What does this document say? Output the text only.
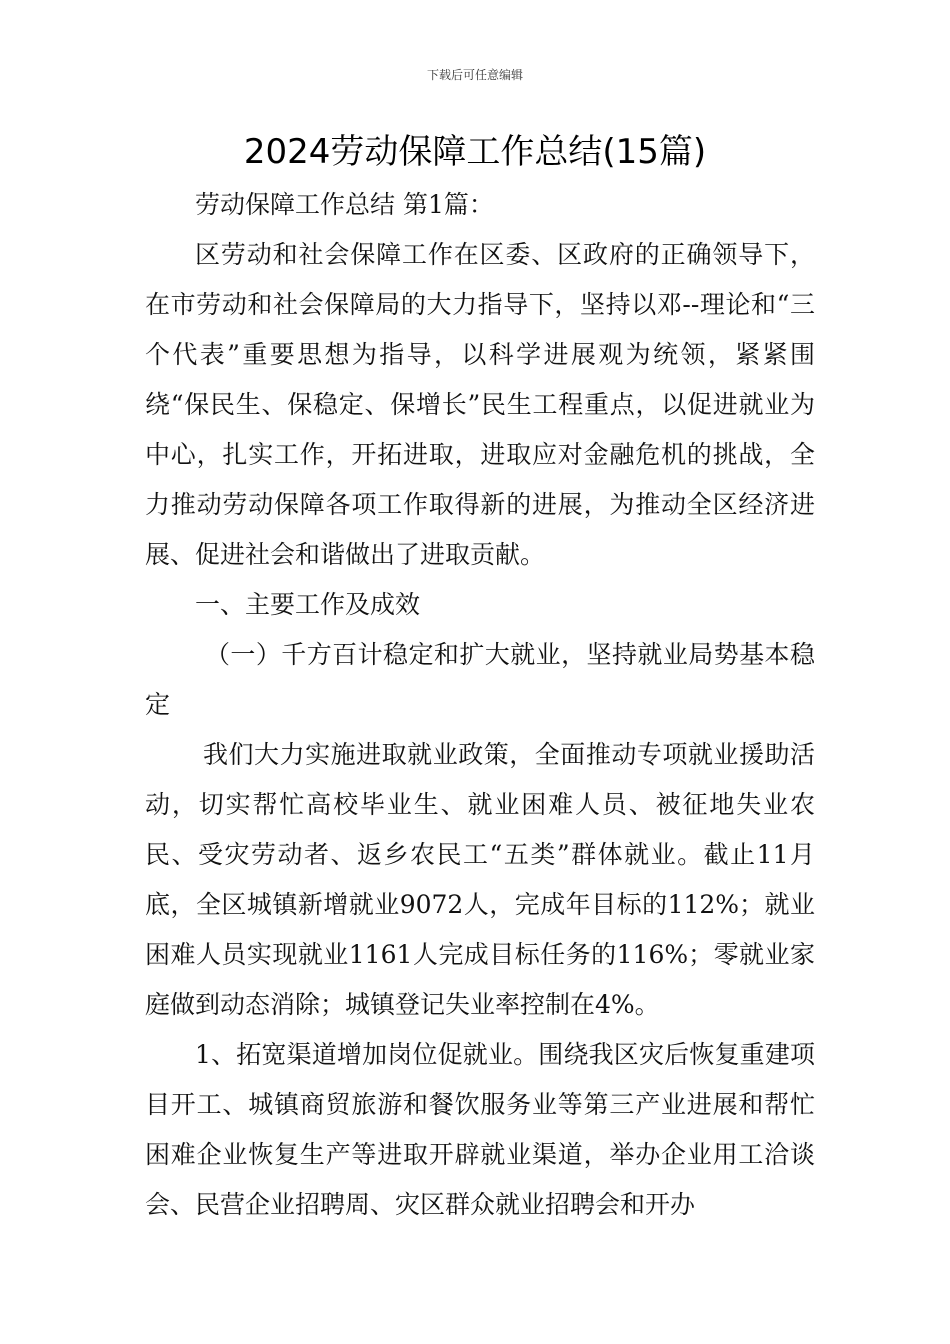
下载后可任意编辑
2024劳动保障工作总结(15篇)

劳动保障工作总结 第1篇：

区劳动和社会保障工作在区委、区政府的正确领导下，在市劳动和社会保障局的大力指导下，坚持以邓--理论和“三个代表”重要思想为指导，以科学进展观为统领，紧紧围绕“保民生、保稳定、保增长”民生工程重点，以促进就业为中心，扎实工作，开拓进取，进取应对金融危机的挑战，全力推动劳动保障各项工作取得新的进展，为推动全区经济进展、促进社会和谐做出了进取贡献。

一、主要工作及成效

（一）千方百计稳定和扩大就业，坚持就业局势基本稳定

我们大力实施进取就业政策，全面推动专项就业援助活动，切实帮忙高校毕业生、就业困难人员、被征地失业农民、受灾劳动者、返乡农民工“五类”群体就业。截止11月底，全区城镇新增就业9072人，完成年目标的112%；就业困难人员实现就业1161人完成目标任务的116%；零就业家庭做到动态消除；城镇登记失业率控制在4%。

1、拓宽渠道增加岗位促就业。围绕我区灾后恢复重建项目开工、城镇商贸旅游和餐饮服务业等第三产业进展和帮忙困难企业恢复生产等进取开辟就业渠道，举办企业用工洽谈会、民营企业招聘周、灾区群众就业招聘会和开办
